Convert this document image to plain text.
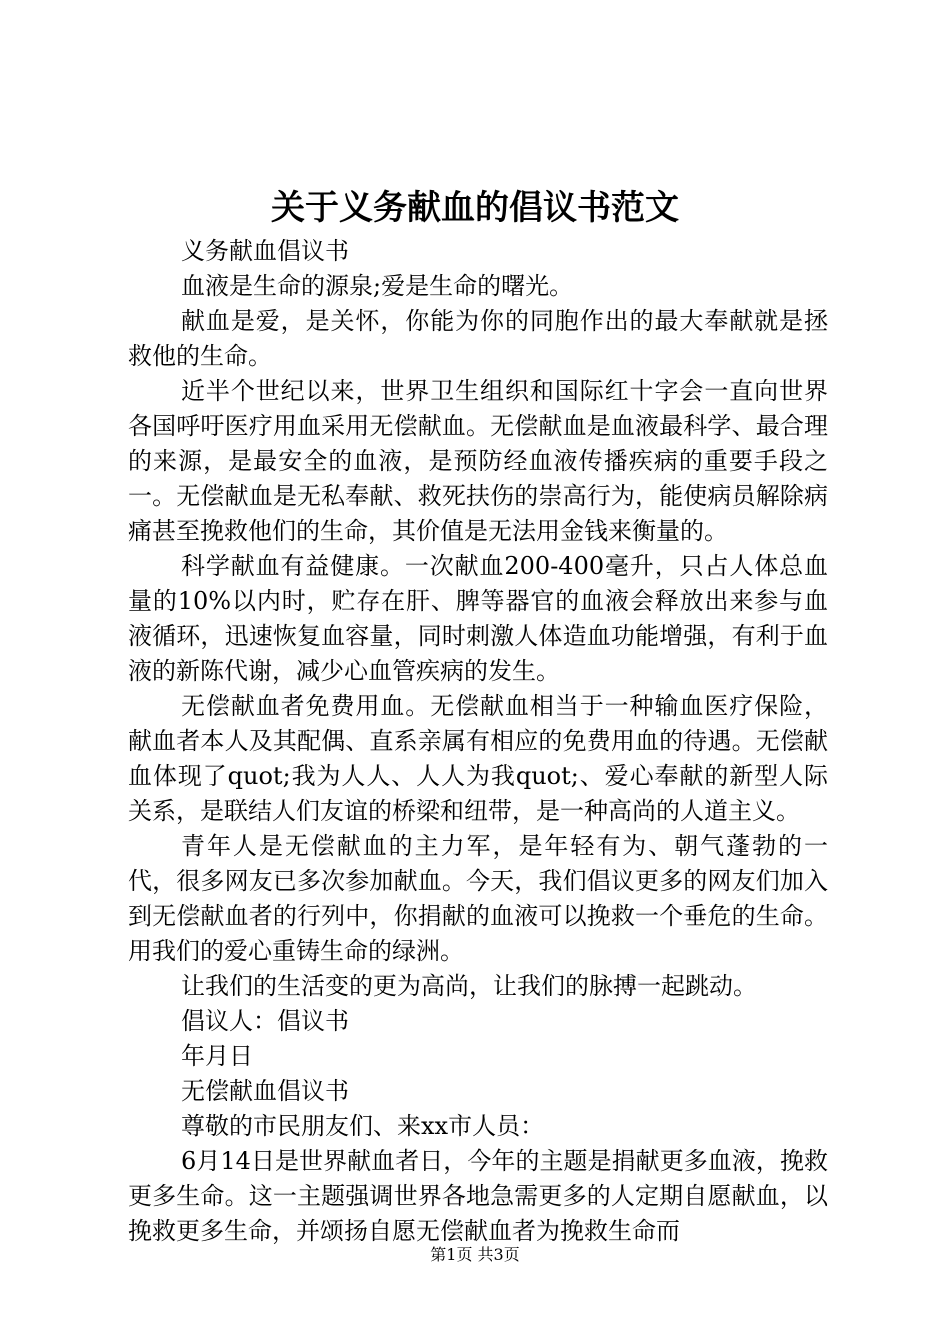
关于义务献血的倡议书范文

义务献血倡议书

血液是生命的源泉;爱是生命的曙光。

献血是爱，是关怀，你能为你的同胞作出的最大奉献就是拯救他的生命。

近半个世纪以来，世界卫生组织和国际红十字会一直向世界各国呼吁医疗用血采用无偿献血。无偿献血是血液最科学、最合理的来源，是最安全的血液，是预防经血液传播疾病的重要手段之一。无偿献血是无私奉献、救死扶伤的崇高行为，能使病员解除病痛甚至挽救他们的生命，其价值是无法用金钱来衡量的。

科学献血有益健康。一次献血200-400毫升，只占人体总血量的10%以内时，贮存在肝、脾等器官的血液会释放出来参与血液循环，迅速恢复血容量，同时刺激人体造血功能增强，有利于血液的新陈代谢，减少心血管疾病的发生。

无偿献血者免费用血。无偿献血相当于一种输血医疗保险，献血者本人及其配偶、直系亲属有相应的免费用血的待遇。无偿献血体现了quot;我为人人、人人为我quot;、爱心奉献的新型人际关系，是联结人们友谊的桥梁和纽带，是一种高尚的人道主义。

青年人是无偿献血的主力军，是年轻有为、朝气蓬勃的一代，很多网友已多次参加献血。今天，我们倡议更多的网友们加入到无偿献血者的行列中，你捐献的血液可以挽救一个垂危的生命。用我们的爱心重铸生命的绿洲。

让我们的生活变的更为高尚，让我们的脉搏一起跳动。

倡议人：倡议书

年月日

无偿献血倡议书

尊敬的市民朋友们、来xx市人员：

6月14日是世界献血者日，今年的主题是捐献更多血液，挽救更多生命。这一主题强调世界各地急需更多的人定期自愿献血，以挽救更多生命，并颂扬自愿无偿献血者为挽救生命而

第1页 共3页
